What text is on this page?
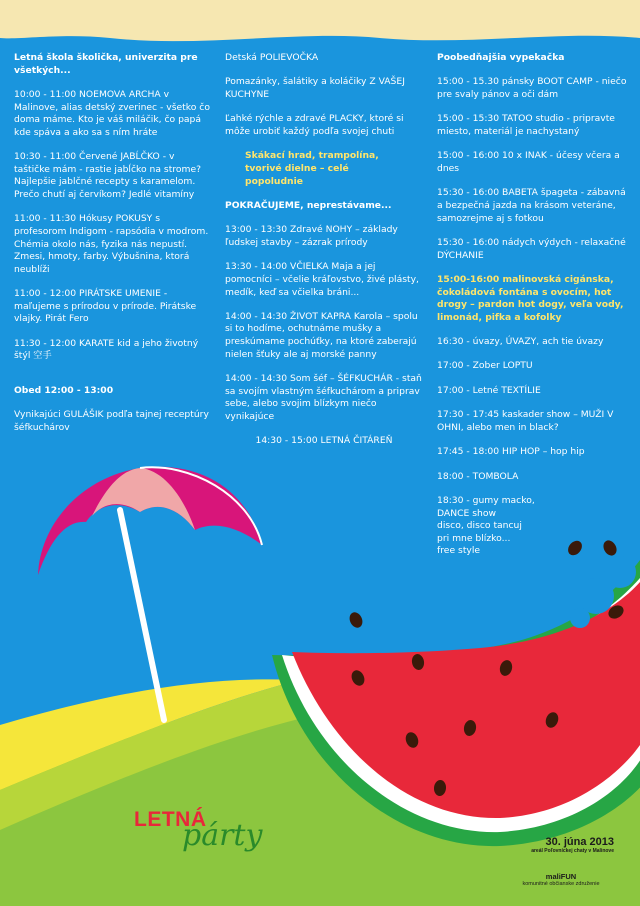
Letná škola školička, univerzita pre všetkých...

10:00 - 11:00 NOEMOVA ARCHA v Malinove, alias detský zverinec - všetko čo doma máme. Kto je váš miláčik, čo papá kde spáva a ako sa s ním hráte

10:30 - 11:00 Červené JABĹČKO - v taštičke mám - rastie jabĺčko na strome? Najlepšie jablčné recepty s karamelom. Prečo chutí aj červíkom? Jedlé vitamíny

11:00 - 11:30 Hókusy POKUSY s profesorom Indigom - rapsódia v modrom. Chémia okolo nás, fyzika nás nepustí. Zmesi, hmoty, farby. Výbušnina, ktorá neublíži

11:00 - 12:00 PIRÁTSKE UMENIE - maľujeme s prírodou v prírode. Pirátske vlajky. Pirát Fero

11:30 - 12:00 KARATE kid a jeho životný štýl 空手

Obed 12:00 - 13:00

Vynikajúci GULÁŠIK podľa tajnej receptúry šéfkuchárov

Detská POLIEVOČKA

Pomazánky, šalátiky a koláčiky Z VAŠEJ KUCHYNE

Ľahké rýchle a zdravé PLACKY, ktoré si môže urobiť každý podľa svojej chuti

Skákací hrad, trampolína, tvorivé dielne – celé popoludnie

POKRAČUJEME, neprestávame...

13:00 - 13:30 Zdravé NOHY – základy ľudskej stavby – zázrak prírody

13:30 - 14:00 VČIELKA Maja a jej pomocníci – včelie kráľovstvo, živé plásty, medík, keď sa včielka bráni...

14:00 - 14:30 ŽIVOT KAPRA Karola – spolu si to hodíme, ochutnáme mušky a preskúmame pochúťky, na ktoré zaberajú nielen šťuky ale aj morské panny

14:00 - 14:30 Som šéf – ŠÉFKUCHÁR - staň sa svojím vlastným šéfkuchárom a priprav sebe, alebo svojim blízkym niečo vynikajúce

14:30 - 15:00 LETNÁ ČITÁREŇ

Poobedňajšia vypekačka

15:00 - 15.30 pánsky BOOT CAMP - niečo pre svaly pánov a oči dám

15:00 - 15:30 TATOO studio - pripravte miesto, materiál je nachystaný

15:00 - 16:00 10 x INAK - účesy včera a dnes

15:30 - 16:00 BABETA špageta - zábavná a bezpečná jazda na krásom veteráne, samozrejme aj s fotkou

15:30 - 16:00 nádych výdych - relaxačné DÝCHANIE

15:00-16:00 malinovská cigánska, čokoládová fontána s ovocím, hot drogy – pardon hot dogy, veľa vody, limonád, pifka a kofolky

16:30 - úvazy, ÚVAZY, ach tie úvazy

17:00 - Zober LOPTU

17:00 - Letné TEXTÍLIE

17:30 - 17:45 kaskader show – MUŽI V OHNI, alebo men in black?

17:45 - 18:00 HIP HOP – hop hip

18:00 - TOMBOLA

18:30 - gumy macko,
DANCE show
disco, disco tancuj
pri mne blízko...
free style
LETNÁ
párty	30. júna 2013
areál Poľovníckej chaty v Malinove
maliFUN
komunitné občianske združenie
